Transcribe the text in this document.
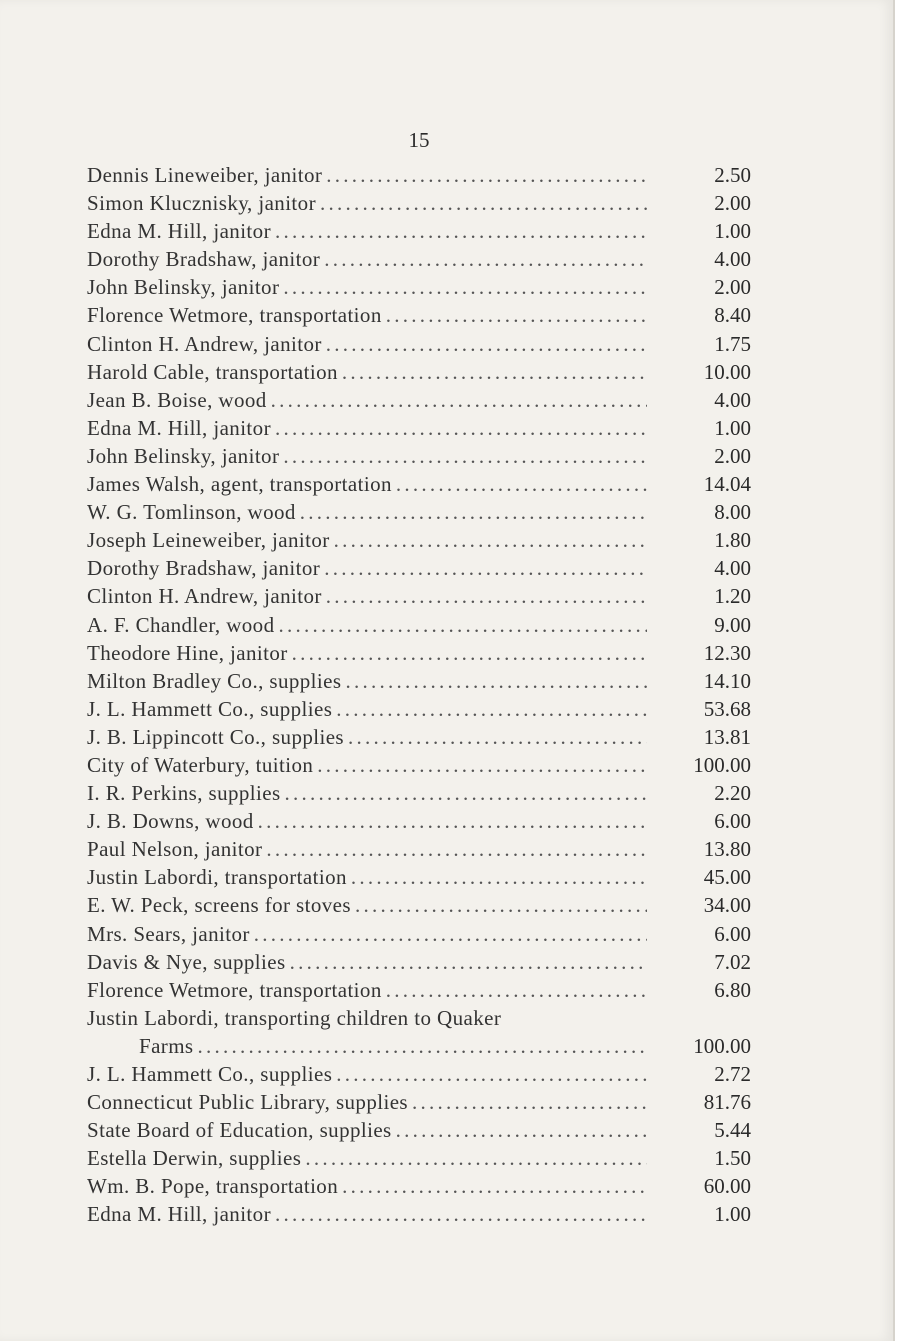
15
Dennis Lineweiber, janitor . . .	2.50
Simon Kluczniskу, janitor . . .	2.00
Edna M. Hill, janitor . . .	1.00
Dorothy Bradshaw, janitor . . .	4.00
John Belinsky, janitor . . .	2.00
Florence Wetmore, transportation . . .	8.40
Clinton H. Andrew, janitor . . .	1.75
Harold Cable, transportation . . .	10.00
Jean B. Boise, wood . . .	4.00
Edna M. Hill, janitor . . .	1.00
John Belinsky, janitor . . .	2.00
James Walsh, agent, transportation . . .	14.04
W. G. Tomlinson, wood . . .	8.00
Joseph Leineweiber, janitor . . .	1.80
Dorothy Bradshaw, janitor . . .	4.00
Clinton H. Andrew, janitor . . .	1.20
A. F. Chandler, wood . . .	9.00
Theodore Hine, janitor . . .	12.30
Milton Bradley Co., supplies . . .	14.10
J. L. Hammett Co., supplies . . .	53.68
J. B. Lippincott Co., supplies . . .	13.81
City of Waterbury, tuition . . .	100.00
I. R. Perkins, supplies . . .	2.20
J. B. Downs, wood . . .	6.00
Paul Nelson, janitor . . .	13.80
Justin Labordi, transportation . . .	45.00
E. W. Peck, screens for stoves . . .	34.00
Mrs. Sears, janitor . . .	6.00
Davis & Nye, supplies . . .	7.02
Florence Wetmore, transportation . . .	6.80
Justin Labordi, transporting children to Quaker
Farms . . .	100.00
J. L. Hammett Co., supplies . . .	2.72
Connecticut Public Library, supplies . . .	81.76
State Board of Education, supplies . . .	5.44
Estella Derwin, supplies . . .	1.50
Wm. B. Pope, transportation . . .	60.00
Edna M. Hill, janitor . . .	1.00
